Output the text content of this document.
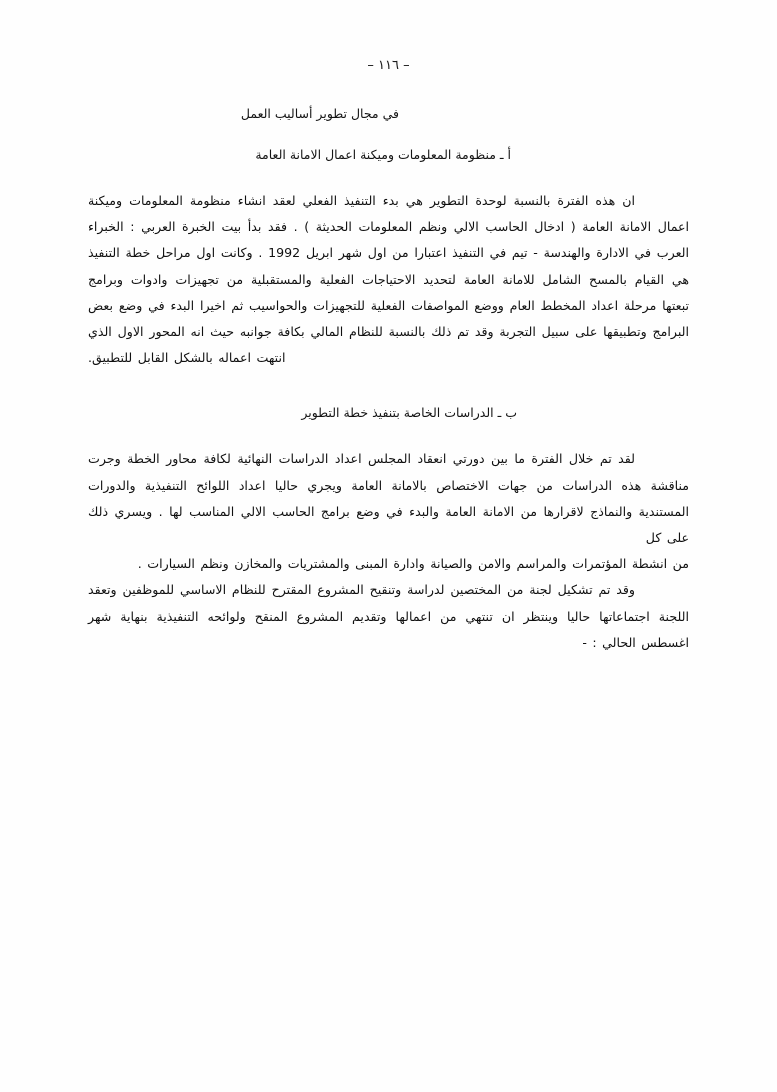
– ١١٦ –
في مجال تطوير أساليب العمل
أ ـ منظومة المعلومات وميكنة اعمال الامانة العامة

ان هذه الفترة بالنسبة لوحدة التطوير هي بدء التنفيذ الفعلي لعقد انشاء منظومة المعلومات وميكنة اعمال الامانة العامة ( ادخال الحاسب الالي ونظم المعلومات الحديثة ) . فقد بدأ بيت الخبرة العربي : الخبراء العرب في الادارة والهندسة - تيم في التنفيذ اعتبارا من اول شهر ابريل 1992 . وكانت اول مراحل خطة التنفيذ هي القيام بالمسح الشامل للامانة العامة لتحديد الاحتياجات الفعلية والمستقبلية من تجهيزات وادوات وبرامج تبعتها مرحلة اعداد المخطط العام ووضع المواصفات الفعلية للتجهيزات والحواسيب ثم اخيرا البدء في وضع بعض البرامج وتطبيقها على سبيل التجربة وقد تم ذلك بالنسبة للنظام المالي بكافة جوانبه حيث انه المحور الاول الذي انتهت اعماله بالشكل القابل للتطبيق.

ب ـ الدراسات الخاصة بتنفيذ خطة التطوير

لقد تم خلال الفترة ما بين دورتي انعقاد المجلس اعداد الدراسات النهائية لكافة محاور الخطة وجرت مناقشة هذه الدراسات من جهات الاختصاص بالامانة العامة ويجري حاليا اعداد اللوائح التنفيذية والدورات المستندية والنماذج لاقرارها من الامانة العامة والبدء في وضع برامج الحاسب الالي المناسب لها . ويسري ذلك على كل

من انشطة المؤتمرات والمراسم والامن والصيانة وادارة المبنى والمشتريات والمخازن ونظم السيارات .

وقد تم تشكيل لجنة من المختصين لدراسة وتنقيح المشروع المقترح للنظام الاساسي للموظفين وتعقد اللجنة اجتماعاتها حاليا وينتظر ان تنتهي من اعمالها وتقديم المشروع المنقح ولوائحه التنفيذية بنهاية شهر اغسطس الحالي : -
